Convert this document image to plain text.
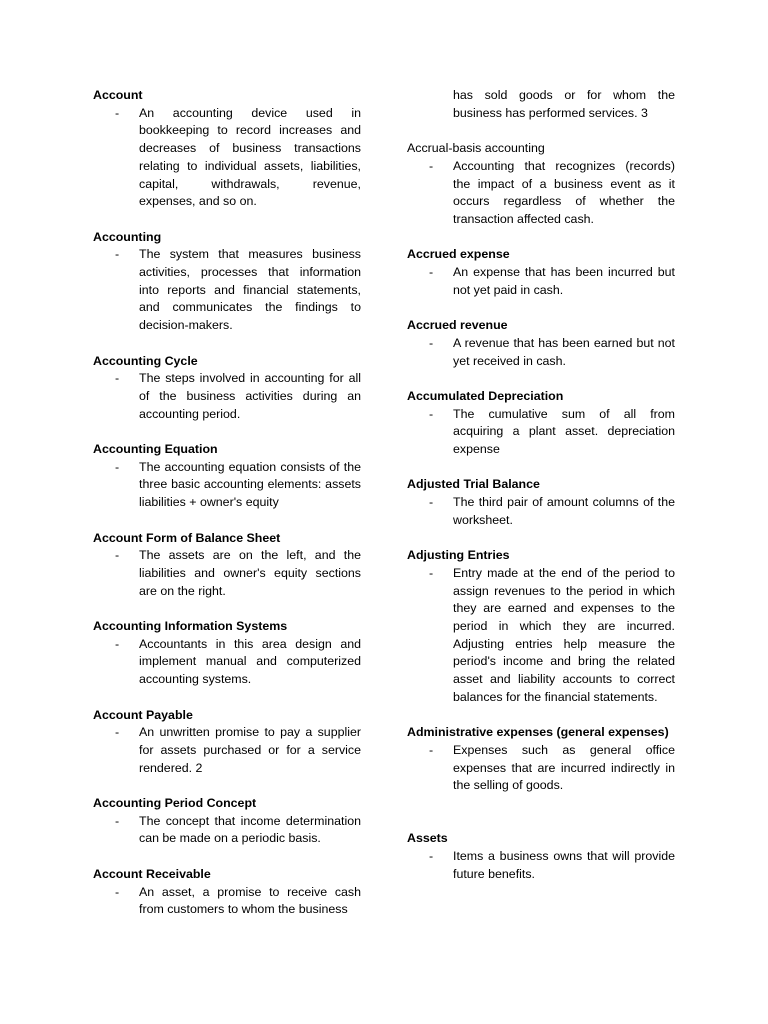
Account
- An accounting device used in bookkeeping to record increases and decreases of business transactions relating to individual assets, liabilities, capital, withdrawals, revenue, expenses, and so on.
Accounting
- The system that measures business activities, processes that information into reports and financial statements, and communicates the findings to decision-makers.
Accounting Cycle
- The steps involved in accounting for all of the business activities during an accounting period.
Accounting Equation
- The accounting equation consists of the three basic accounting elements: assets liabilities + owner's equity
Account Form of Balance Sheet
- The assets are on the left, and the liabilities and owner's equity sections are on the right.
Accounting Information Systems
- Accountants in this area design and implement manual and computerized accounting systems.
Account Payable
- An unwritten promise to pay a supplier for assets purchased or for a service rendered. 2
Accounting Period Concept
- The concept that income determination can be made on a periodic basis.
Account Receivable
- An asset, a promise to receive cash from customers to whom the business
has sold goods or for whom the business has performed services. 3
Accrual-basis accounting
- Accounting that recognizes (records) the impact of a business event as it occurs regardless of whether the transaction affected cash.
Accrued expense
- An expense that has been incurred but not yet paid in cash.
Accrued revenue
- A revenue that has been earned but not yet received in cash.
Accumulated Depreciation
- The cumulative sum of all from acquiring a plant asset. depreciation expense
Adjusted Trial Balance
- The third pair of amount columns of the worksheet.
Adjusting Entries
- Entry made at the end of the period to assign revenues to the period in which they are earned and expenses to the period in which they are incurred. Adjusting entries help measure the period's income and bring the related asset and liability accounts to correct balances for the financial statements.
Administrative expenses (general expenses)
- Expenses such as general office expenses that are incurred indirectly in the selling of goods.
Assets
- Items a business owns that will provide future benefits.
